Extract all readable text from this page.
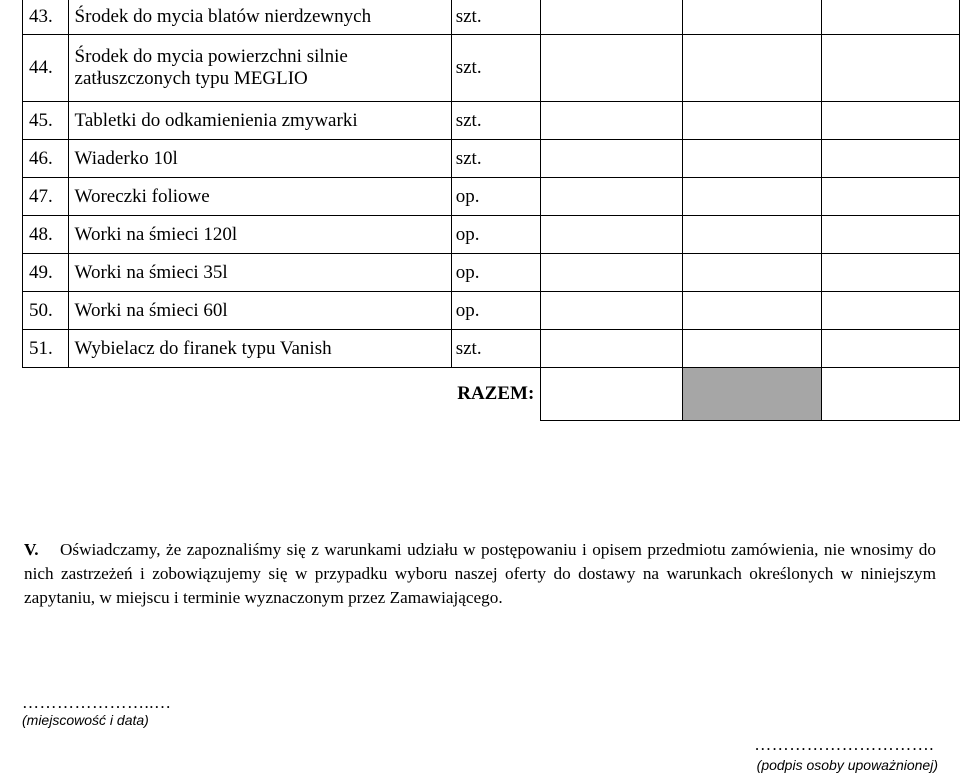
43.	Środek do mycia blatów nierdzewnych	szt.			
44.	Środek do mycia powierzchni silnie zatłuszczonych typu MEGLIO	szt.			
45.	Tabletki do odkamienienia zmywarki	szt.			
46.	Wiaderko 10l	szt.			
47.	Woreczki foliowe	op.			
48.	Worki na śmieci 120l	op.			
49.	Worki na śmieci 35l	op.			
50.	Worki na śmieci 60l	op.			
51.	Wybielacz do firanek typu Vanish	szt.			
		RAZEM:			
V. Oświadczamy, że zapoznaliśmy się z warunkami udziału w postępowaniu i opisem przedmiotu zamówienia, nie wnosimy do nich zastrzeżeń i zobowiązujemy się w przypadku wyboru naszej oferty do dostawy na warunkach określonych w niniejszym zapytaniu, w miejscu i terminie wyznaczonym przez Zamawiającego.
…………………..…
(miejscowość i data)
………………………….
(podpis osoby upoważnionej)
